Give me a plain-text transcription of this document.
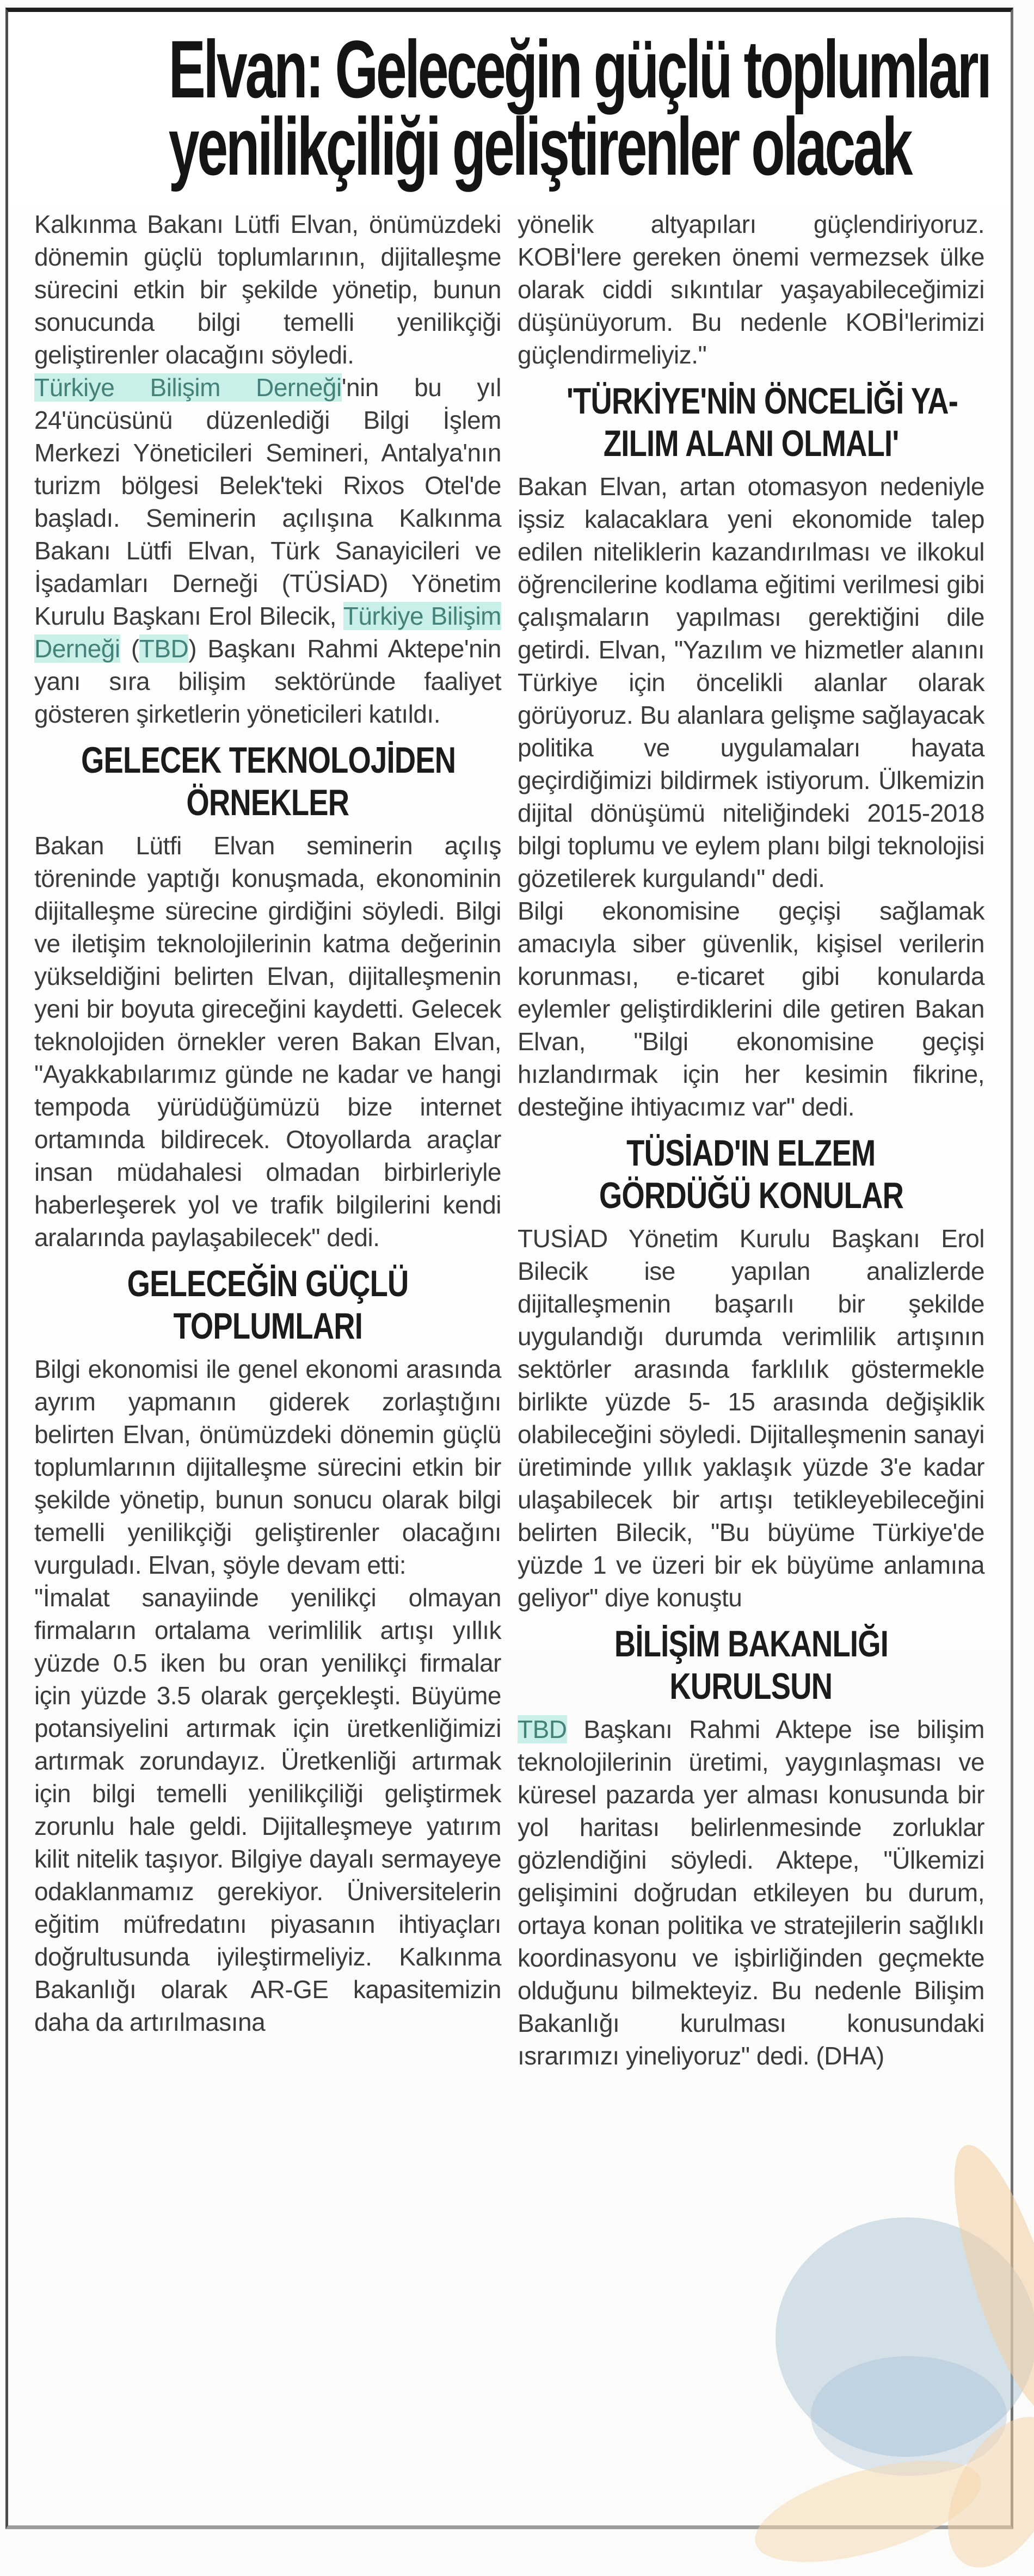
Elvan: Geleceğin güçlü toplumları
yenilikçiliği geliştirenler olacak

Kalkınma Bakanı Lütfi Elvan, önümüzdeki dönemin güçlü toplumlarının, dijitalleşme sürecini etkin bir şekilde yönetip, bunun sonucunda bilgi temelli yenilikçiği geliştirenler olacağını söyledi.

Türkiye Bilişim Derneği'nin bu yıl 24'üncüsünü düzenlediği Bilgi İşlem Merkezi Yöneticileri Semineri, Antalya'nın turizm bölgesi Belek'teki Rixos Otel'de başladı. Seminerin açılışına Kalkınma Bakanı Lütfi Elvan, Türk Sanayicileri ve İşadamları Derneği (TÜSİAD) Yönetim Kurulu Başkanı Erol Bilecik, Türkiye Bilişim Derneği (TBD) Başkanı Rahmi Aktepe'nin yanı sıra bilişim sektöründe faaliyet gösteren şirketlerin yöneticileri katıldı.

GELECEK TEKNOLOJİDEN
ÖRNEKLER

Bakan Lütfi Elvan seminerin açılış töreninde yaptığı konuşmada, ekonominin dijitalleşme sürecine girdiğini söyledi. Bilgi ve iletişim teknolojilerinin katma değerinin yükseldiğini belirten Elvan, dijitalleşmenin yeni bir boyuta gireceğini kaydetti. Gelecek teknolojiden örnekler veren Bakan Elvan, "Ayakkabılarımız günde ne kadar ve hangi tempoda yürüdüğümüzü bize internet ortamında bildirecek. Otoyollarda araçlar insan müdahalesi olmadan birbirleriyle haberleşerek yol ve trafik bilgilerini kendi aralarında paylaşabilecek" dedi.

GELECEĞİN GÜÇLÜ
TOPLUMLARI

Bilgi ekonomisi ile genel ekonomi arasında ayrım yapmanın giderek zorlaştığını belirten Elvan, önümüzdeki dönemin güçlü toplumlarının dijitalleşme sürecini etkin bir şekilde yönetip, bunun sonucu olarak bilgi temelli yenilikçiği geliştirenler olacağını vurguladı. Elvan, şöyle devam etti:

"İmalat sanayiinde yenilikçi olmayan firmaların ortalama verimlilik artışı yıllık yüzde 0.5 iken bu oran yenilikçi firmalar için yüzde 3.5 olarak gerçekleşti. Büyüme potansiyelini artırmak için üretkenliğimizi artırmak zorundayız. Üretkenliği artırmak için bilgi temelli yenilikçiliği geliştirmek zorunlu hale geldi. Dijitalleşmeye yatırım kilit nitelik taşıyor. Bilgiye dayalı sermayeye odaklanmamız gerekiyor. Üniversitelerin eğitim müfredatını piyasanın ihtiyaçları doğrultusunda iyileştirmeliyiz. Kalkınma Bakanlığı olarak AR-GE kapasitemizin daha da artırılmasına

yönelik altyapıları güçlendiriyoruz. KOBİ'lere gereken önemi vermezsek ülke olarak ciddi sıkıntılar yaşayabileceğimizi düşünüyorum. Bu nedenle KOBİ'lerimizi güçlendirmeliyiz."

'TÜRKİYE'NİN ÖNCELİĞİ YA-
ZILIM ALANI OLMALI'

Bakan Elvan, artan otomasyon nedeniyle işsiz kalacaklara yeni ekonomide talep edilen niteliklerin kazandırılması ve ilkokul öğrencilerine kodlama eğitimi verilmesi gibi çalışmaların yapılması gerektiğini dile getirdi. Elvan, "Yazılım ve hizmetler alanını Türkiye için öncelikli alanlar olarak görüyoruz. Bu alanlara gelişme sağlayacak politika ve uygulamaları hayata geçirdiğimizi bildirmek istiyorum. Ülkemizin dijital dönüşümü niteliğindeki 2015-2018 bilgi toplumu ve eylem planı bilgi teknolojisi gözetilerek kurgulandı" dedi.

Bilgi ekonomisine geçişi sağlamak amacıyla siber güvenlik, kişisel verilerin korunması, e-ticaret gibi konularda eylemler geliştirdiklerini dile getiren Bakan Elvan, "Bilgi ekonomisine geçişi hızlandırmak için her kesimin fikrine, desteğine ihtiyacımız var" dedi.

TÜSİAD'IN ELZEM
GÖRDÜĞÜ KONULAR

TUSİAD Yönetim Kurulu Başkanı Erol Bilecik ise yapılan analizlerde dijitalleşmenin başarılı bir şekilde uygulandığı durumda verimlilik artışının sektörler arasında farklılık göstermekle birlikte yüzde 5- 15 arasında değişiklik olabileceğini söyledi. Dijitalleşmenin sanayi üretiminde yıllık yaklaşık yüzde 3'e kadar ulaşabilecek bir artışı tetikleyebileceğini belirten Bilecik, "Bu büyüme Türkiye'de yüzde 1 ve üzeri bir ek büyüme anlamına geliyor" diye konuştu

BİLİŞİM BAKANLIĞI
KURULSUN

TBD Başkanı Rahmi Aktepe ise bilişim teknolojilerinin üretimi, yaygınlaşması ve küresel pazarda yer alması konusunda bir yol haritası belirlenmesinde zorluklar gözlendiğini söyledi. Aktepe, "Ülkemizi gelişimini doğrudan etkileyen bu durum, ortaya konan politika ve stratejilerin sağlıklı koordinasyonu ve işbirliğinden geçmekte olduğunu bilmekteyiz. Bu nedenle Bilişim Bakanlığı kurulması konusundaki ısrarımızı yineliyoruz" dedi. (DHA)
